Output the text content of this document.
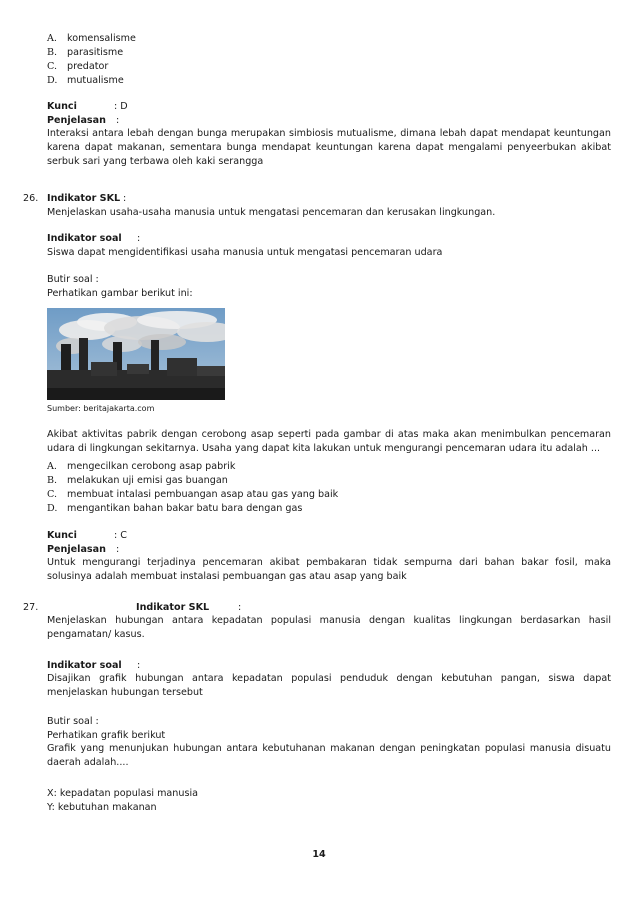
A. komensalisme
B. parasitisme
C. predator
D. mutualisme
Kunci	: D
Penjelasan :
Interaksi antara lebah dengan bunga merupakan simbiosis mutualisme, dimana lebah dapat mendapat keuntungan karena dapat makanan, sementara bunga mendapat keuntungan karena dapat mengalami penyeerbukan akibat serbuk sari yang terbawa oleh kaki serangga
26. Indikator SKL :
Menjelaskan usaha-usaha manusia untuk mengatasi pencemaran dan kerusakan lingkungan.
Indikator soal :
Siswa dapat mengidentifikasi usaha manusia untuk mengatasi pencemaran udara
Butir soal :
Perhatikan gambar berikut ini:
Sumber: beritajakarta.com
Akibat aktivitas pabrik dengan cerobong asap seperti pada gambar di atas maka akan menimbulkan pencemaran udara di lingkungan sekitarnya. Usaha yang dapat kita lakukan untuk mengurangi pencemaran udara itu adalah ...
A. mengecilkan cerobong asap pabrik
B. melakukan uji emisi gas buangan
C. membuat intalasi pembuangan asap atau gas yang baik
D. mengantikan bahan bakar batu bara dengan gas
Kunci	: C
Penjelasan :
Untuk mengurangi terjadinya pencemaran akibat pembakaran tidak sempurna dari bahan bakar fosil, maka solusinya adalah membuat instalasi pembuangan gas atau asap yang baik
27.	Indikator SKL	:
Menjelaskan hubungan antara kepadatan populasi manusia dengan kualitas lingkungan berdasarkan hasil pengamatan/ kasus.
Indikator soal :
Disajikan grafik hubungan antara kepadatan populasi penduduk dengan kebutuhan pangan, siswa dapat menjelaskan hubungan tersebut
Butir soal :
Perhatikan grafik berikut
Grafik yang menunjukan hubungan antara kebutuhanan makanan dengan peningkatan populasi manusia disuatu daerah adalah....
X: kepadatan populasi manusia
Y: kebutuhan makanan
14
